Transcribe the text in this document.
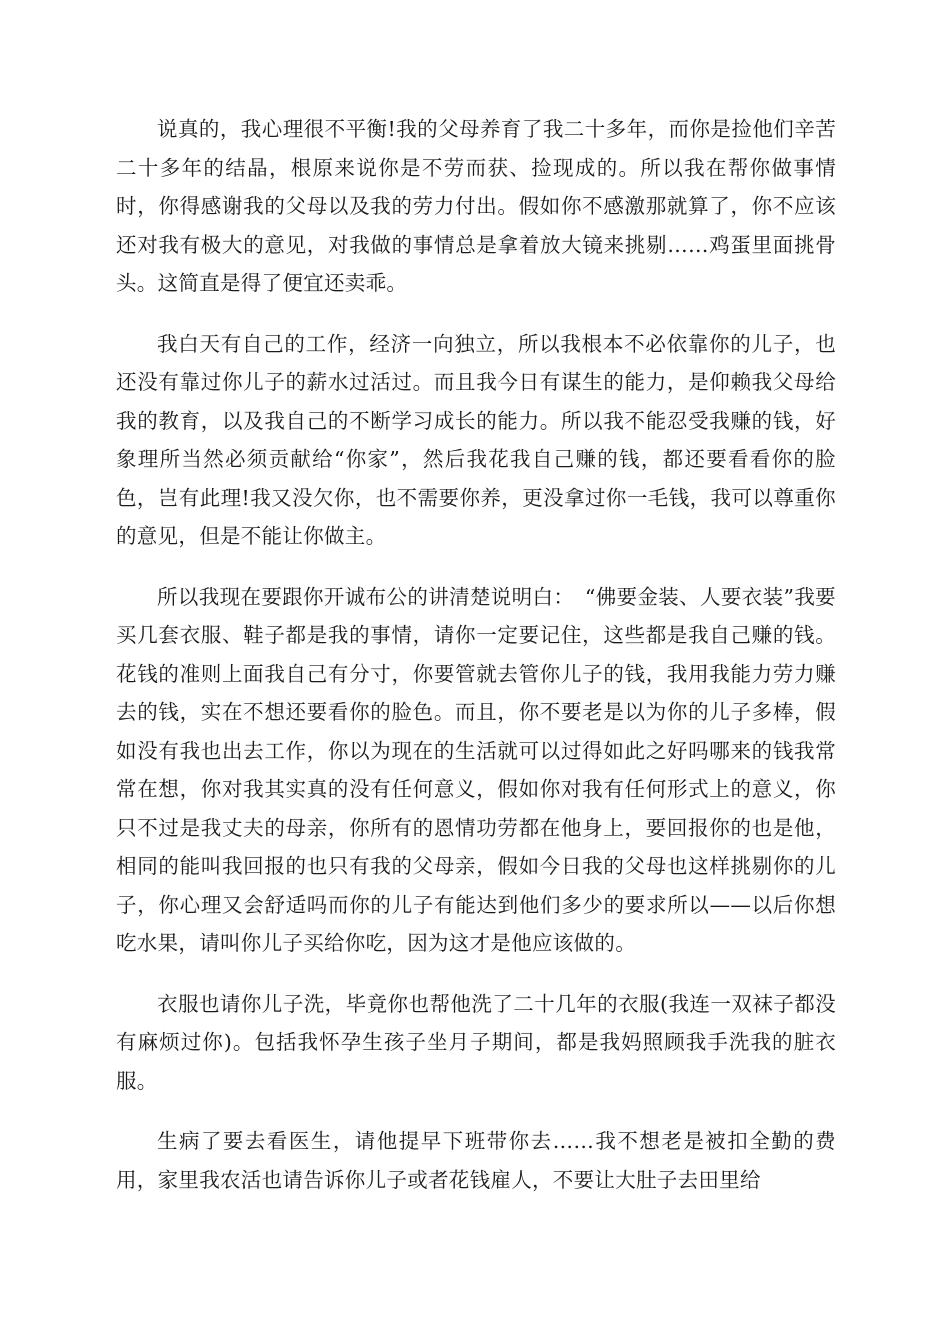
说真的，我心理很不平衡!我的父母养育了我二十多年，而你是捡他们辛苦二十多年的结晶，根原来说你是不劳而获、捡现成的。所以我在帮你做事情时，你得感谢我的父母以及我的劳力付出。假如你不感激那就算了，你不应该还对我有极大的意见，对我做的事情总是拿着放大镜来挑剔……鸡蛋里面挑骨头。这简直是得了便宜还卖乖。

我白天有自己的工作，经济一向独立，所以我根本不必依靠你的儿子，也还没有靠过你儿子的薪水过活过。而且我今日有谋生的能力，是仰赖我父母给我的教育，以及我自己的不断学习成长的能力。所以我不能忍受我赚的钱，好象理所当然必须贡献给“你家”，然后我花我自己赚的钱，都还要看看你的脸色，岂有此理!我又没欠你，也不需要你养，更没拿过你一毛钱，我可以尊重你的意见，但是不能让你做主。

所以我现在要跟你开诚布公的讲清楚说明白：　“佛要金装、人要衣装”我要买几套衣服、鞋子都是我的事情，请你一定要记住，这些都是我自己赚的钱。花钱的准则上面我自己有分寸，你要管就去管你儿子的钱，我用我能力劳力赚去的钱，实在不想还要看你的脸色。而且，你不要老是以为你的儿子多棒，假如没有我也出去工作，你以为现在的生活就可以过得如此之好吗哪来的钱我常常在想，你对我其实真的没有任何意义，假如你对我有任何形式上的意义，你只不过是我丈夫的母亲，你所有的恩情功劳都在他身上，要回报你的也是他，相同的能叫我回报的也只有我的父母亲，假如今日我的父母也这样挑剔你的儿子，你心理又会舒适吗而你的儿子有能达到他们多少的要求所以——以后你想吃水果，请叫你儿子买给你吃，因为这才是他应该做的。

衣服也请你儿子洗，毕竟你也帮他洗了二十几年的衣服(我连一双袜子都没有麻烦过你)。包括我怀孕生孩子坐月子期间，都是我妈照顾我手洗我的脏衣服。

生病了要去看医生，请他提早下班带你去……我不想老是被扣全勤的费用，家里我农活也请告诉你儿子或者花钱雇人，不要让大肚子去田里给
